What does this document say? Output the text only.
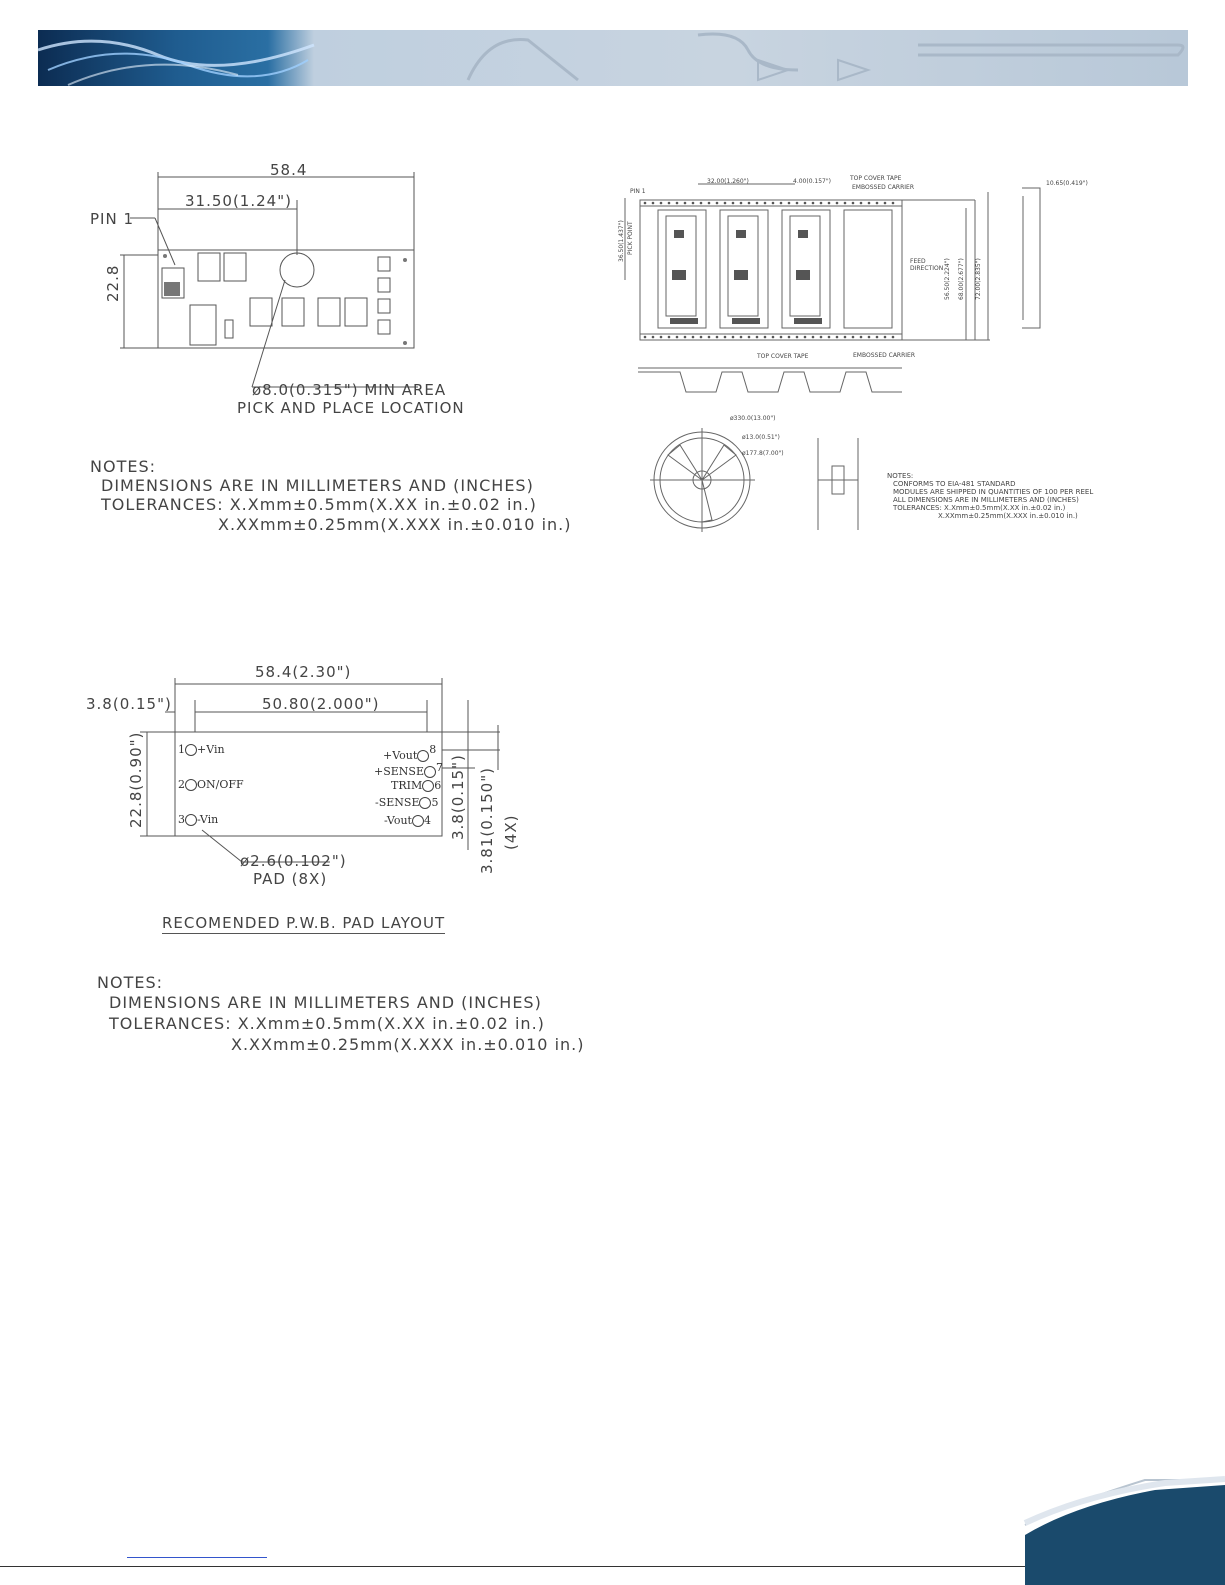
58.4
31.50(1.24")
PIN 1
22.8
ø8.0(0.315") MIN AREA
PICK AND PLACE LOCATION
NOTES:
DIMENSIONS ARE IN MILLIMETERS AND (INCHES)
TOLERANCES: X.Xmm±0.5mm(X.XX in.±0.02 in.)
X.XXmm±0.25mm(X.XXX in.±0.010 in.)
PIN 1
32.00(1.260")	4.00(0.157")	TOP COVER TAPE
EMBOSSED CARRIER
36.50(1.437") PICK POINT
FEED DIRECTION 56.50(2.224") 68.00(2.677") 72.00(2.835")
10.65(0.419")
TOP COVER TAPE	EMBOSSED CARRIER
ø330.0(13.00")
ø13.0(0.51")
ø177.8(7.00")
NOTES:
CONFORMS TO EIA-481 STANDARD
MODULES ARE SHIPPED IN QUANTITIES OF 100 PER REEL
ALL DIMENSIONS ARE IN MILLIMETERS AND (INCHES)
TOLERANCES: X.Xmm±0.5mm(X.XX in.±0.02 in.)
X.XXmm±0.25mm(X.XXX in.±0.010 in.)
58.4(2.30")
3.8(0.15")	50.80(2.000")
22.8(0.90")	3.8(0.15") 3.81(0.150") (4X)
ø2.6(0.102")
PAD (8X)
RECOMENDED P.W.B. PAD LAYOUT
1 +Vin
2 ON/OFF
3 -Vin
+Vout 8
+SENSE 7
TRIM 6
-SENSE 5
-Vout 4
NOTES:
DIMENSIONS ARE IN MILLIMETERS AND (INCHES)
TOLERANCES: X.Xmm±0.5mm(X.XX in.±0.02 in.)
X.XXmm±0.25mm(X.XXX in.±0.010 in.)
